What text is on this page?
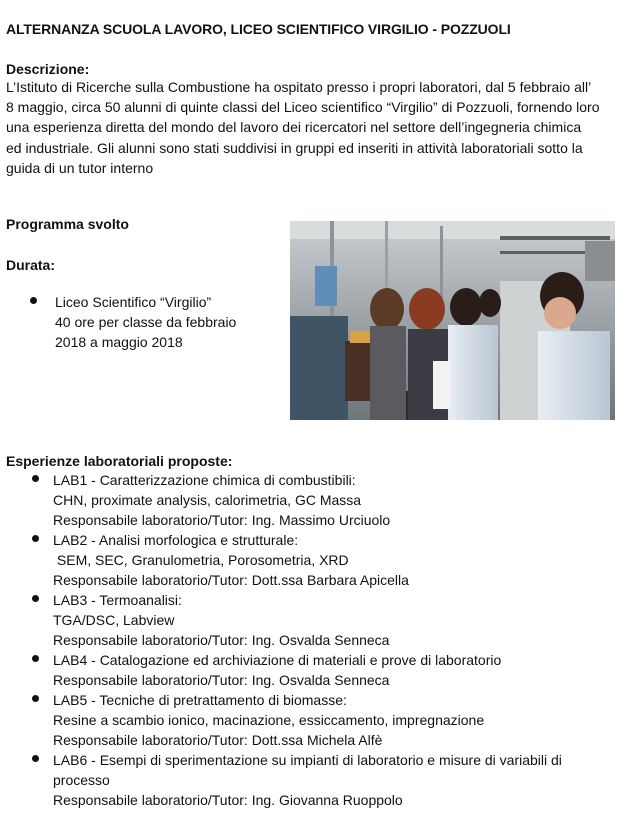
ALTERNANZA SCUOLA LAVORO, LICEO SCIENTIFICO VIRGILIO - POZZUOLI
Descrizione:
L’Istituto di Ricerche sulla Combustione ha ospitato presso i propri laboratori, dal 5 febbraio all’
8 maggio, circa 50 alunni di quinte classi del Liceo scientifico “Virgilio” di Pozzuoli, fornendo loro
una esperienza diretta del mondo del lavoro dei ricercatori nel settore dell’ingegneria chimica
ed industriale. Gli alunni sono stati suddivisi in gruppi ed inseriti in attività laboratoriali sotto la
guida di un tutor interno
Programma svolto
Durata:
Liceo Scientifico “Virgilio”
40 ore per classe da febbraio
2018 a maggio 2018
Esperienze laboratoriali proposte:
LAB1 - Caratterizzazione chimica di combustibili:
CHN, proximate analysis, calorimetria, GC Massa
Responsabile laboratorio/Tutor: Ing. Massimo Urciuolo
LAB2 - Analisi morfologica e strutturale:
SEM, SEC, Granulometria, Porosometria, XRD
Responsabile laboratorio/Tutor: Dott.ssa Barbara Apicella
LAB3 - Termoanalisi:
TGA/DSC, Labview
Responsabile laboratorio/Tutor: Ing. Osvalda Senneca
LAB4 - Catalogazione ed archiviazione di materiali e prove di laboratorio
Responsabile laboratorio/Tutor: Ing. Osvalda Senneca
LAB5 - Tecniche di pretrattamento di biomasse:
Resine a scambio ionico, macinazione, essiccamento, impregnazione
Responsabile laboratorio/Tutor: Dott.ssa Michela Alfè
LAB6 - Esempi di sperimentazione su impianti di laboratorio e misure di variabili di
processo
Responsabile laboratorio/Tutor: Ing. Giovanna Ruoppolo
